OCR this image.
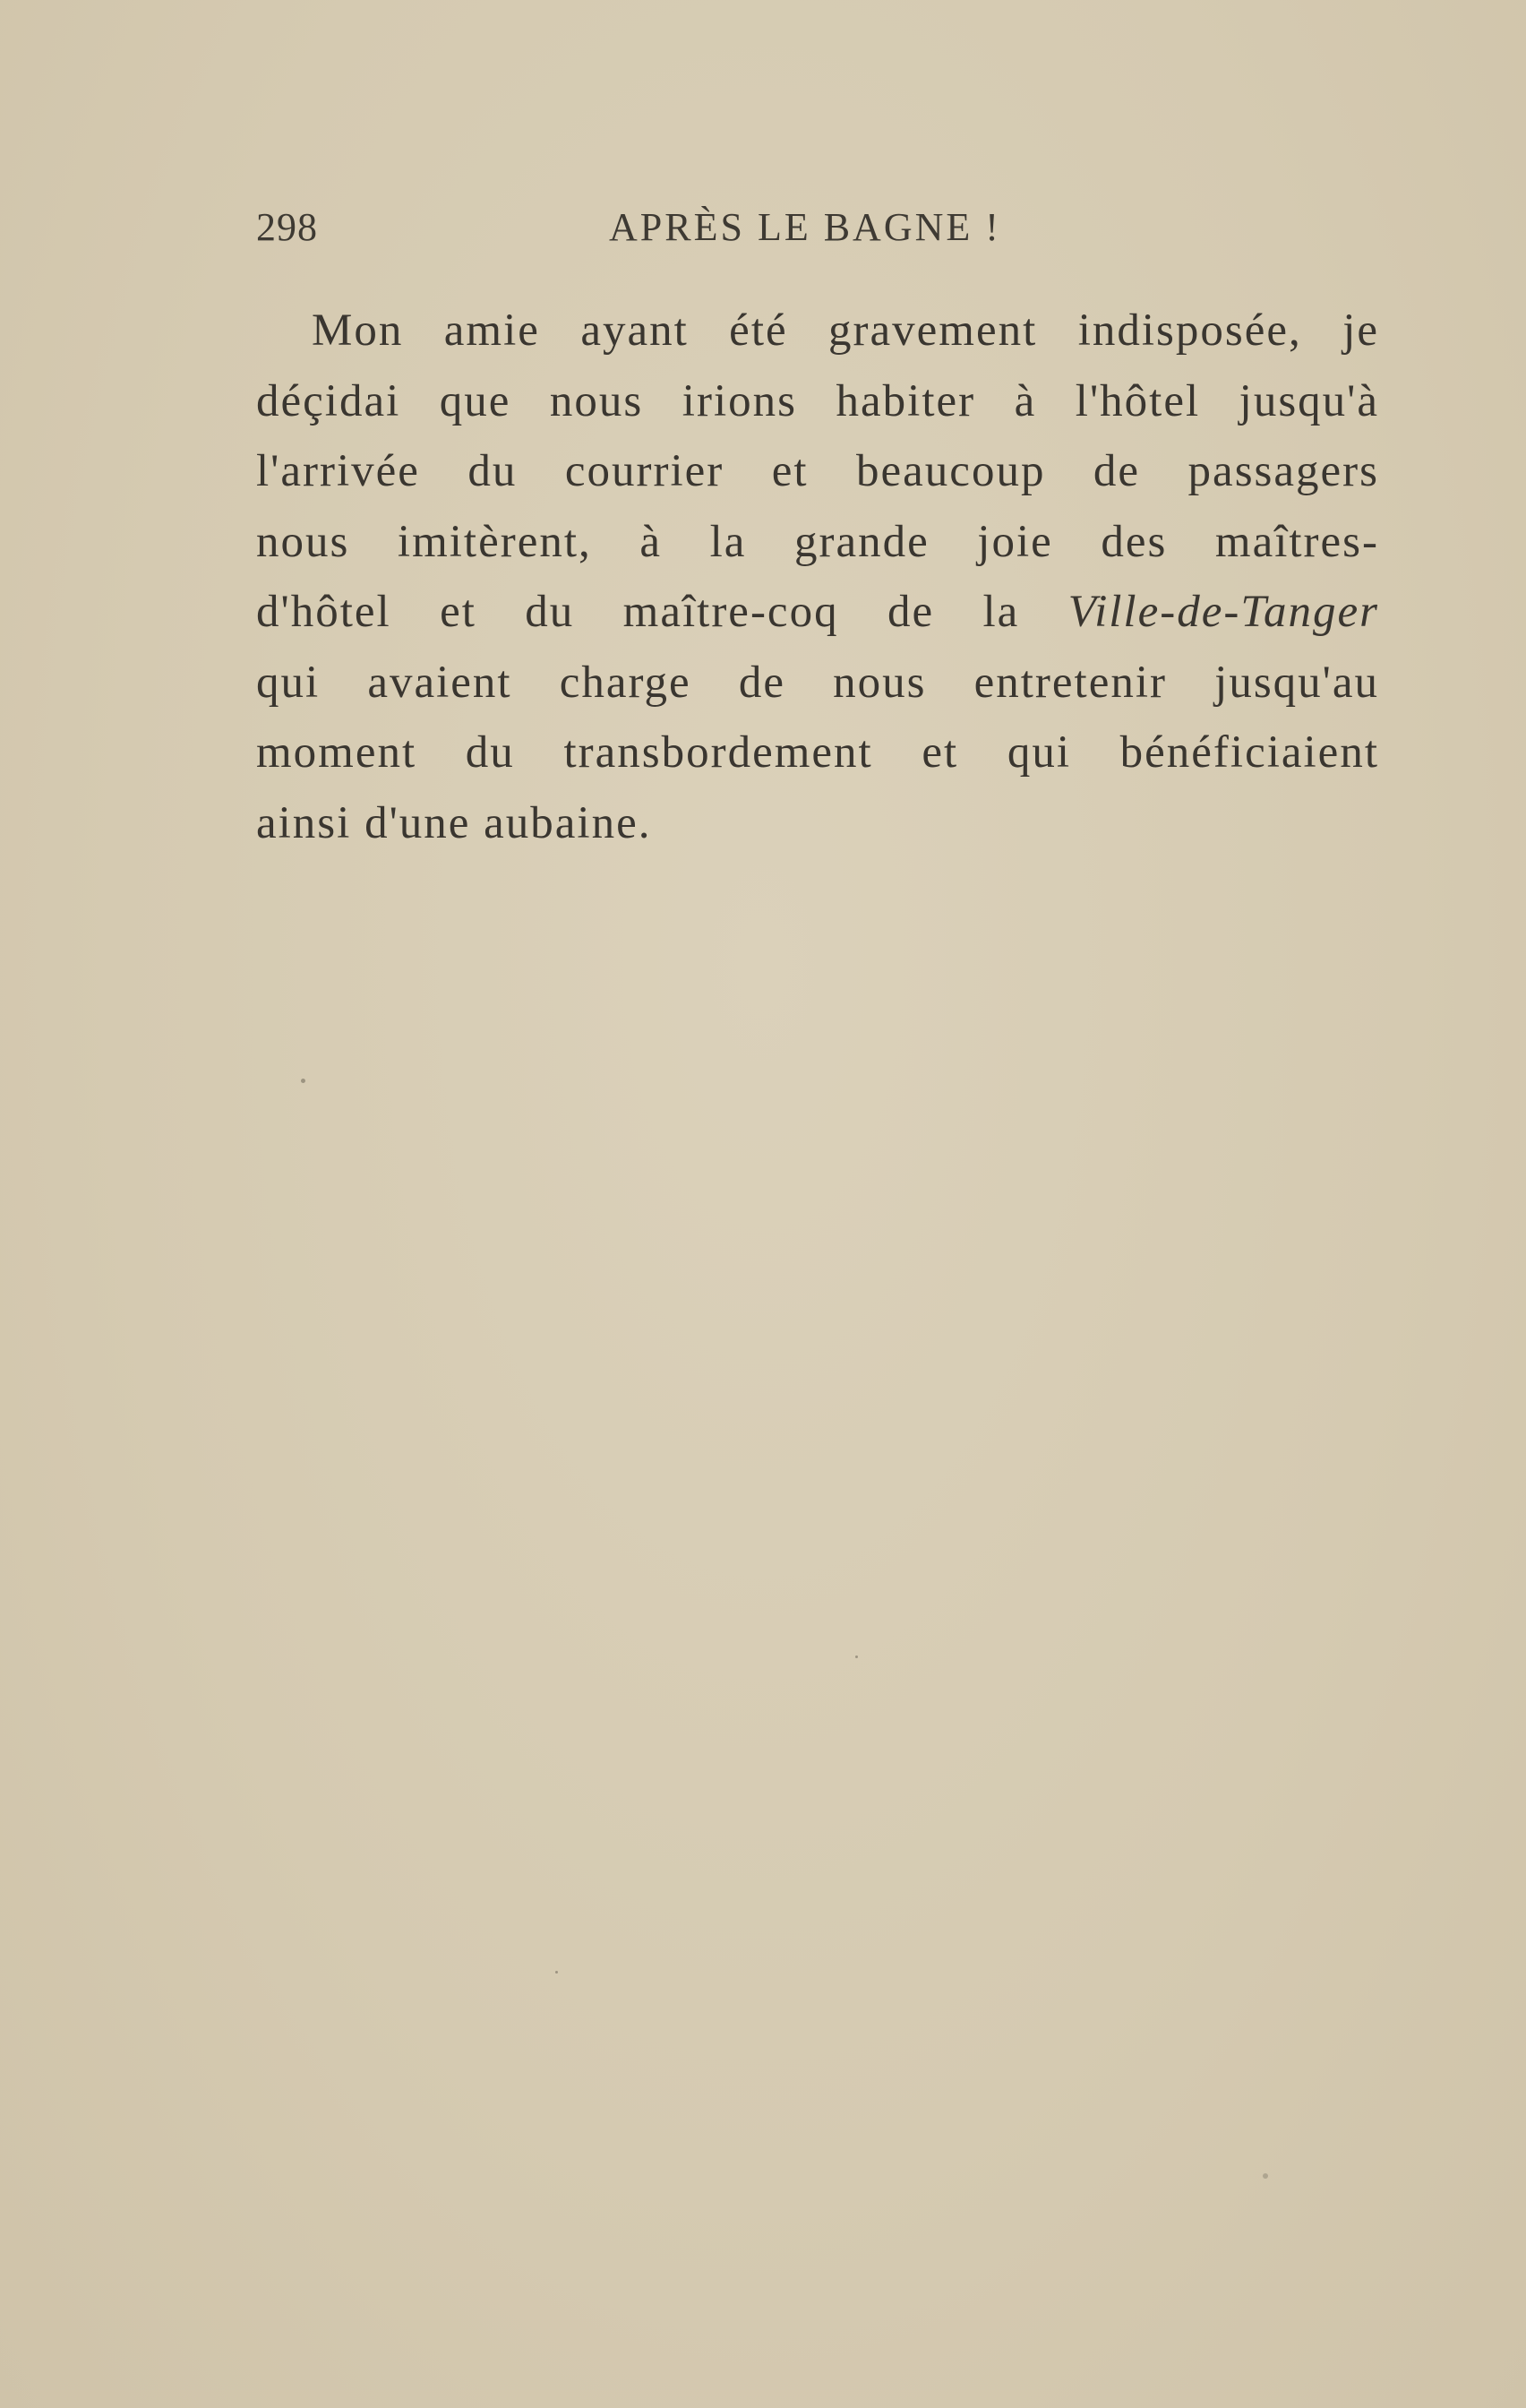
298	APRÈS LE BAGNE !
Mon amie ayant été gravement indisposée, je
déçidai que nous irions habiter à l'hôtel jusqu'à
l'arrivée du courrier et beaucoup de passagers
nous imitèrent, à la grande joie des maîtres-
d'hôtel et du maître-coq de la Ville-de-Tanger
qui avaient charge de nous entretenir jusqu'au
moment du transbordement et qui bénéficiaient
ainsi d'une aubaine.
